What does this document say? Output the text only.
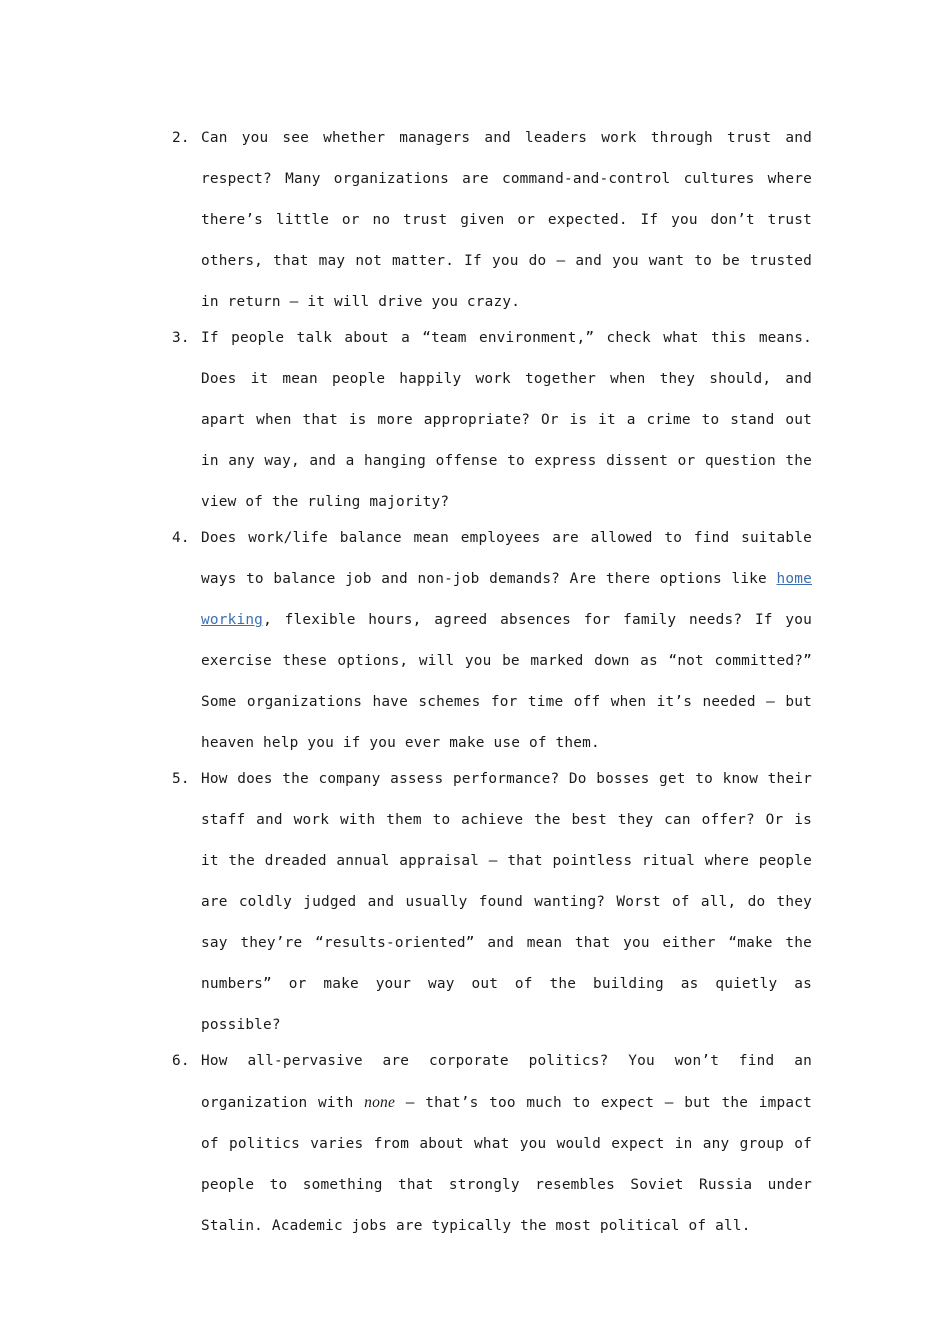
2. Can you see whether managers and leaders work through trust and respect? Many organizations are command-and-control cultures where there’s little or no trust given or expected. If you don’t trust others, that may not matter. If you do — and you want to be trusted in return — it will drive you crazy.
3. If people talk about a “team environment,” check what this means. Does it mean people happily work together when they should, and apart when that is more appropriate? Or is it a crime to stand out in any way, and a hanging offense to express dissent or question the view of the ruling majority?
4. Does work/life balance mean employees are allowed to find suitable ways to balance job and non-job demands? Are there options like home working, flexible hours, agreed absences for family needs? If you exercise these options, will you be marked down as “not committed?” Some organizations have schemes for time off when it’s needed — but heaven help you if you ever make use of them.
5. How does the company assess performance? Do bosses get to know their staff and work with them to achieve the best they can offer? Or is it the dreaded annual appraisal — that pointless ritual where people are coldly judged and usually found wanting? Worst of all, do they say they’re “results-oriented” and mean that you either “make the numbers” or make your way out of the building as quietly as possible?
6. How all-pervasive are corporate politics? You won’t find an organization with none — that’s too much to expect — but the impact of politics varies from about what you would expect in any group of people to something that strongly resembles Soviet Russia under Stalin. Academic jobs are typically the most political of all.
